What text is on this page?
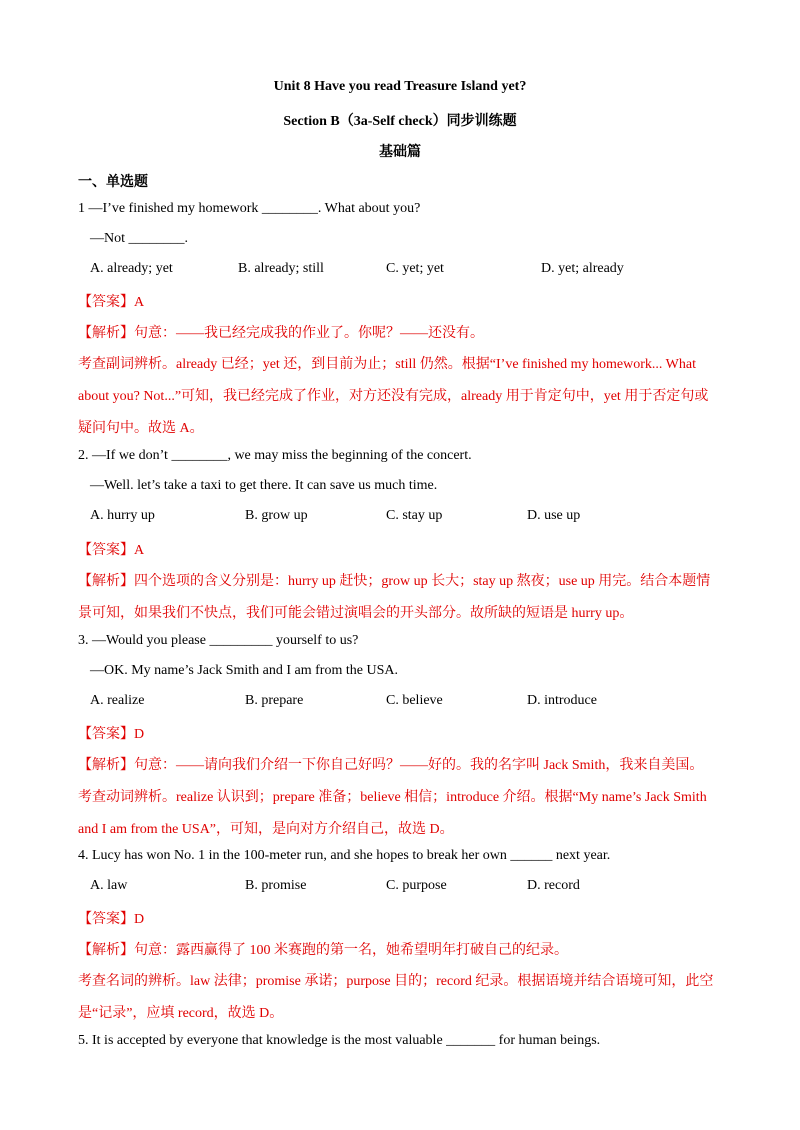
Unit 8 Have you read Treasure Island yet?
Section B（3a-Self check）同步训练题
基础篇
一、单选题
1 —I’ve finished my homework ________. What about you?
—Not ________.
A. already; yet	B. already; still	C. yet; yet	D. yet; already
【答案】A
【解析】句意：——我已经完成我的作业了。你呢？——还没有。
考查副词辨析。already 已经；yet 还，到目前为止；still 仍然。根据“I’ve finished my homework... What
about you? Not...”可知，我已经完成了作业，对方还没有完成，already 用于肯定句中，yet 用于否定句或
疑问句中。故选 A。
2. —If we don’t ________, we may miss the beginning of the concert.
—Well. let’s take a taxi to get there. It can save us much time.
A. hurry up	B. grow up	C. stay up	D. use up
【答案】A
【解析】四个选项的含义分别是：hurry up 赶快；grow up 长大；stay up 熬夜；use up 用完。结合本题情
景可知，如果我们不快点，我们可能会错过演唱会的开头部分。故所缺的短语是 hurry up。
3. —Would you please _________ yourself to us?
—OK. My name’s Jack Smith and I am from the USA.
A. realize	B. prepare	C. believe	D. introduce
【答案】D
【解析】句意：——请向我们介绍一下你自己好吗？——好的。我的名字叫 Jack Smith，我来自美国。
考查动词辨析。realize 认识到；prepare 准备；believe 相信；introduce 介绍。根据“My name’s Jack Smith
and I am from the USA”，可知，是向对方介绍自己，故选 D。
4. Lucy has won No. 1 in the 100-meter run, and she hopes to break her own ______ next year.
A. law	B. promise	C. purpose	D. record
【答案】D
【解析】句意：露西赢得了 100 米赛跑的第一名，她希望明年打破自己的纪录。
考查名词的辨析。law 法律；promise 承诺；purpose 目的；record 纪录。根据语境并结合语境可知，此空
是“记录”，应填 record，故选 D。
5. It is accepted by everyone that knowledge is the most valuable _______ for human beings.
